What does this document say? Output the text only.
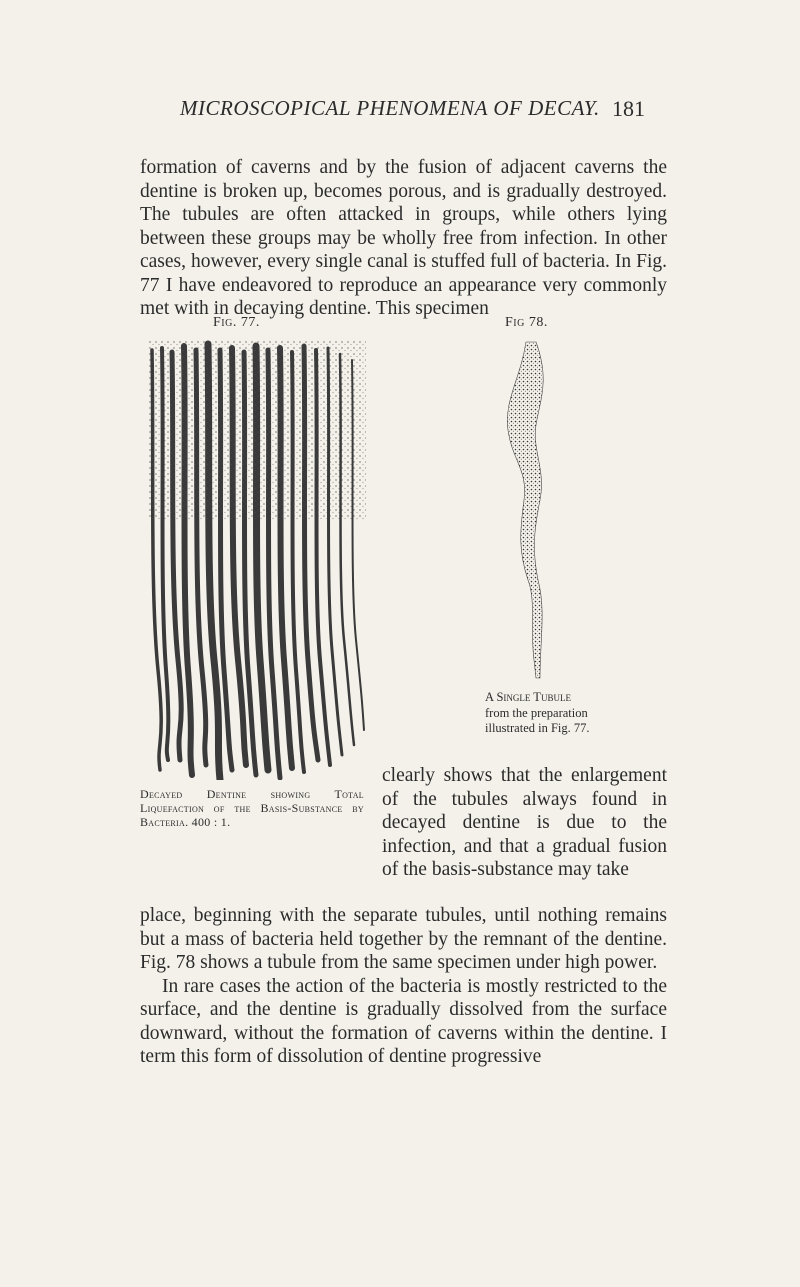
MICROSCOPICAL PHENOMENA OF DECAY. 181

formation of caverns and by the fusion of adjacent caverns the dentine is broken up, becomes porous, and is gradually destroyed. The tubules are often attacked in groups, while others lying between these groups may be wholly free from infection. In other cases, however, every single canal is stuffed full of bacteria. In Fig. 77 I have endeavored to reproduce an appearance very commonly met with in decaying dentine. This specimen

Fig. 77.	Fig 78.

Decayed Dentine showing Total Liquefaction of the Basis-Substance by Bacteria. 400 : 1.

A Single Tubule from the preparation illustrated in Fig. 77.

clearly shows that the enlargement of the tubules always found in decayed dentine is due to the infection, and that a gradual fusion of the basis-substance may take

place, beginning with the separate tubules, until nothing remains but a mass of bacteria held together by the remnant of the dentine. Fig. 78 shows a tubule from the same specimen under high power.
In rare cases the action of the bacteria is mostly restricted to the surface, and the dentine is gradually dissolved from the surface downward, without the formation of caverns within the dentine. I term this form of dissolution of dentine progressive
